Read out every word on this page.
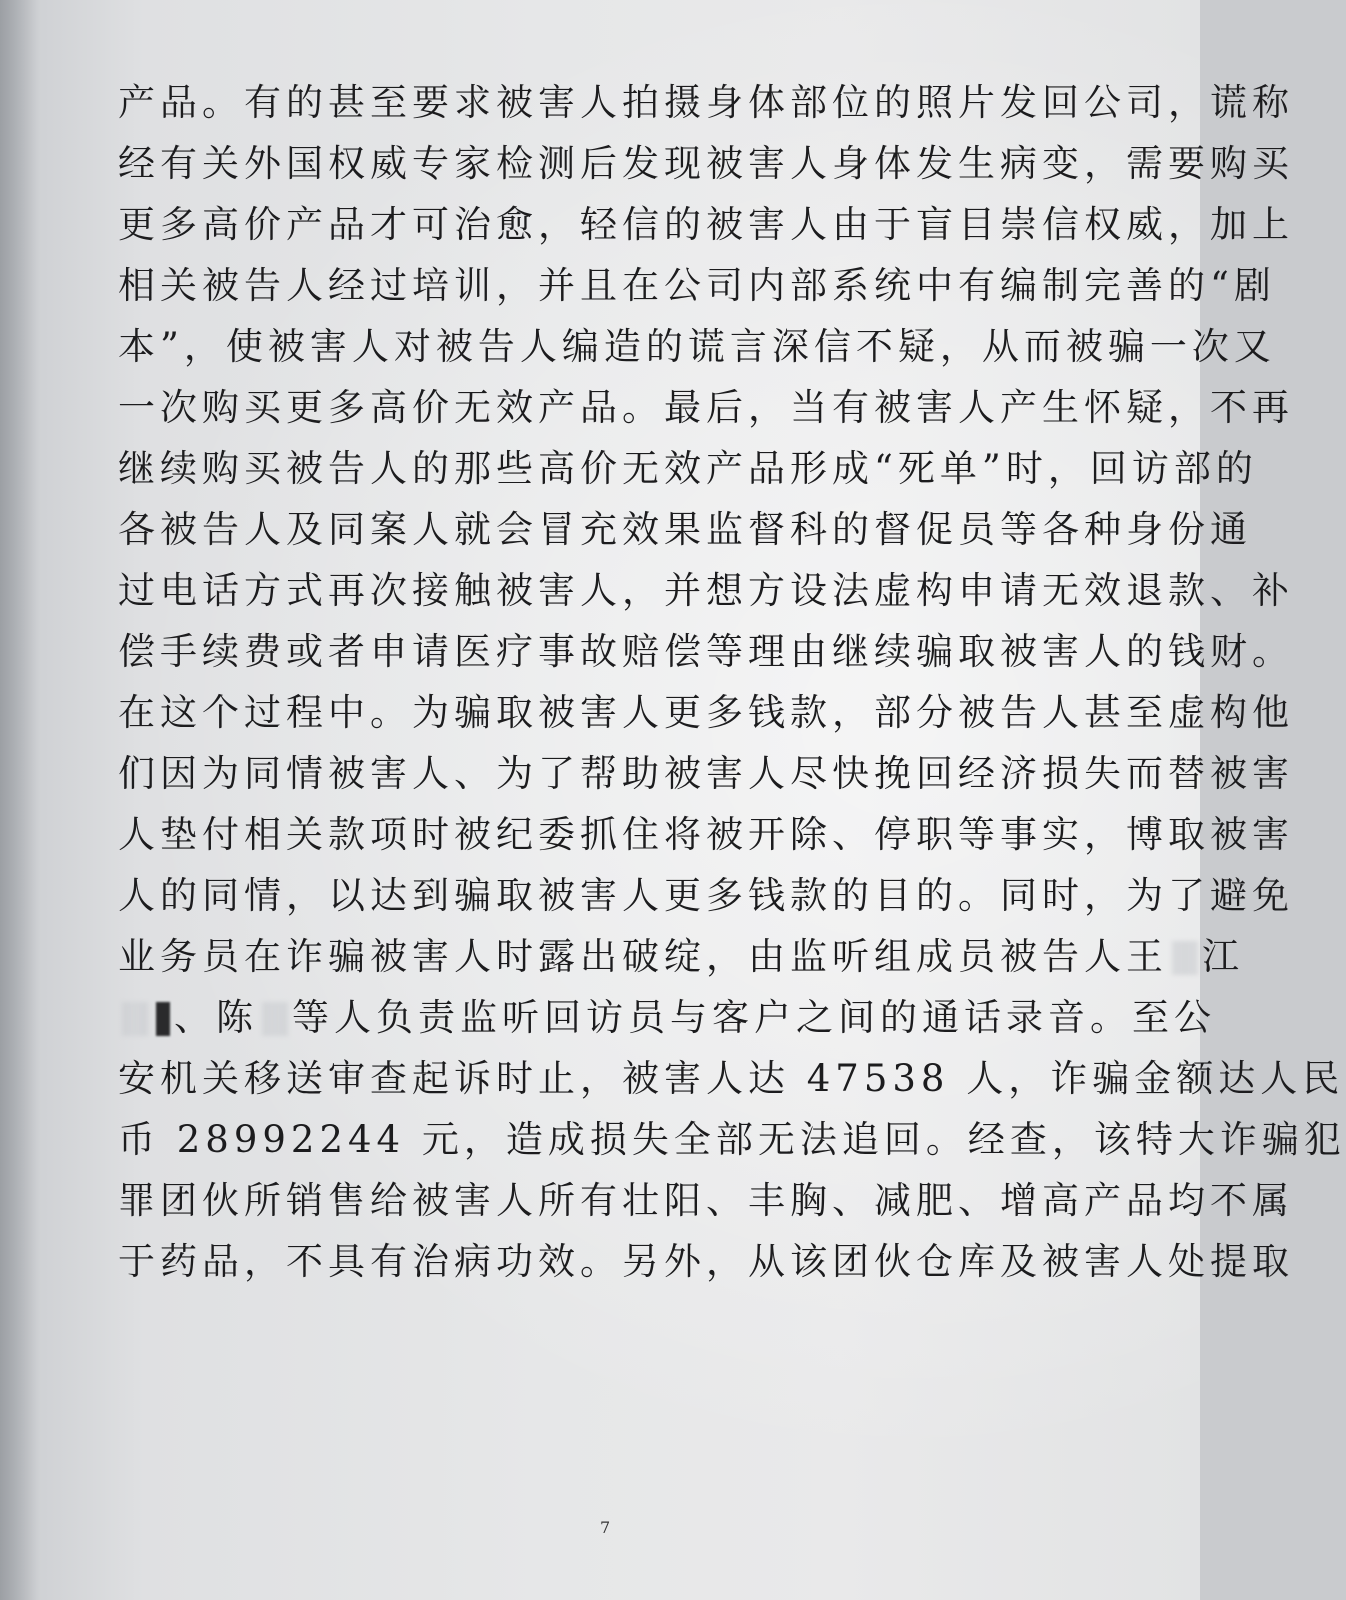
产品。有的甚至要求被害人拍摄身体部位的照片发回公司，谎称
经有关外国权威专家检测后发现被害人身体发生病变，需要购买
更多高价产品才可治愈，轻信的被害人由于盲目崇信权威，加上
相关被告人经过培训，并且在公司内部系统中有编制完善的“剧
本”，使被害人对被告人编造的谎言深信不疑，从而被骗一次又
一次购买更多高价无效产品。最后，当有被害人产生怀疑，不再
继续购买被告人的那些高价无效产品形成“死单”时，回访部的
各被告人及同案人就会冒充效果监督科的督促员等各种身份通
过电话方式再次接触被害人，并想方设法虚构申请无效退款、补
偿手续费或者申请医疗事故赔偿等理由继续骗取被害人的钱财。
在这个过程中。为骗取被害人更多钱款，部分被告人甚至虚构他
们因为同情被害人、为了帮助被害人尽快挽回经济损失而替被害
人垫付相关款项时被纪委抓住将被开除、停职等事实，博取被害
人的同情，以达到骗取被害人更多钱款的目的。同时，为了避免
业务员在诈骗被害人时露出破绽，由监听组成员被告人王 江
、陈 等人负责监听回访员与客户之间的通话录音。至公
安机关移送审查起诉时止，被害人达 47538 人，诈骗金额达人民
币 28992244 元，造成损失全部无法追回。经查，该特大诈骗犯
罪团伙所销售给被害人所有壮阳、丰胸、减肥、增高产品均不属
于药品，不具有治病功效。另外，从该团伙仓库及被害人处提取
7
